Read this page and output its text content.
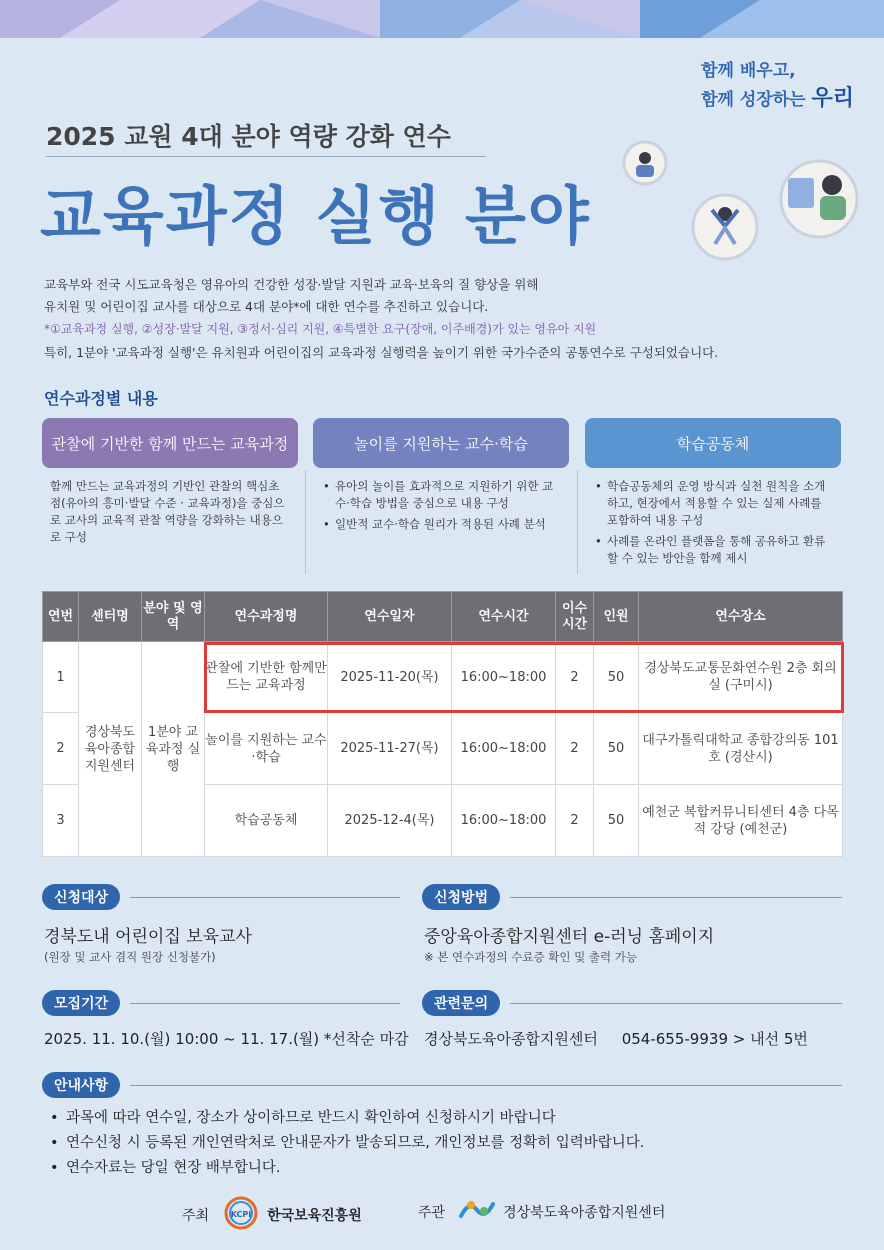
함께 배우고,
함께 성장하는 우리
2025 교원 4대 분야 역량 강화 연수
교육과정 실행 분야

교육부와 전국 시도교육청은 영유아의 건강한 성장·발달 지원과 교육·보육의 질 향상을 위해

유치원 및 어린이집 교사를 대상으로 4대 분야*에 대한 연수를 추진하고 있습니다.

*①교육과정 실행, ②성장·발달 지원, ③정서·심리 지원, ④특별한 요구(장애, 이주배경)가 있는 영유아 지원

특히, 1분야 '교육과정 실행'은 유치원과 어린이집의 교육과정 실행력을 높이기 위한 국가수준의 공통연수로 구성되었습니다.

연수과정별 내용
관찰에 기반한 함께 만드는 교육과정
함께 만드는 교육과정의 기반인 관찰의 핵심초점(유아의 흥미·발달 수준 · 교육과정)을 중심으로 교사의 교육적 관찰 역량을 강화하는 내용으로 구성
놀이를 지원하는 교수·학습
• 유아의 놀이를 효과적으로 지원하기 위한 교수·학습 방법을 중심으로 내용 구성
• 일반적 교수·학습 원리가 적용된 사례 분석
학습공동체
• 학습공동체의 운영 방식과 실천 원칙을 소개하고, 현장에서 적용할 수 있는 실제 사례를 포함하여 내용 구성
• 사례를 온라인 플랫폼을 통해 공유하고 환류할 수 있는 방안을 함께 제시
연번	센터명	분야 및 영역	연수과정명	연수일자	연수시간	이수 시간	인원	연수장소
1	경상북도 육아종합 지원센터	1분야 교육과정 실행	관찰에 기반한 함께만드는 교육과정	2025-11-20(목)	16:00~18:00	2	50	경상북도교통문화연수원 2층 회의실 (구미시)
2			놀이를 지원하는 교수·학습	2025-11-27(목)	16:00~18:00	2	50	대구가톨릭대학교 종합강의동 101호 (경산시)
3			학습공동체	2025-12-4(목)	16:00~18:00	2	50	예천군 복합커뮤니티센터 4층 다목적 강당 (예천군)
신청대상
경북도내 어린이집 보육교사
(원장 및 교사 겸직 원장 신청불가)
신청방법
중앙육아종합지원센터 e-러닝 홈페이지
※ 본 연수과정의 수료증 확인 및 출력 가능
모집기간
2025. 11. 10.(월) 10:00 ~ 11. 17.(월) *선착순 마감
관련문의
경상북도육아종합지원센터     054-655-9939 > 내선 5번
안내사항
• 과목에 따라 연수일, 장소가 상이하므로 반드시 확인하여 신청하시기 바랍니다
• 연수신청 시 등록된 개인연락처로 안내문자가 발송되므로, 개인정보를 정확히 입력바랍니다.
• 연수자료는 당일 현장 배부합니다.
주최	KCPI 한국보육진흥원	주관	경상북도육아종합지원센터
